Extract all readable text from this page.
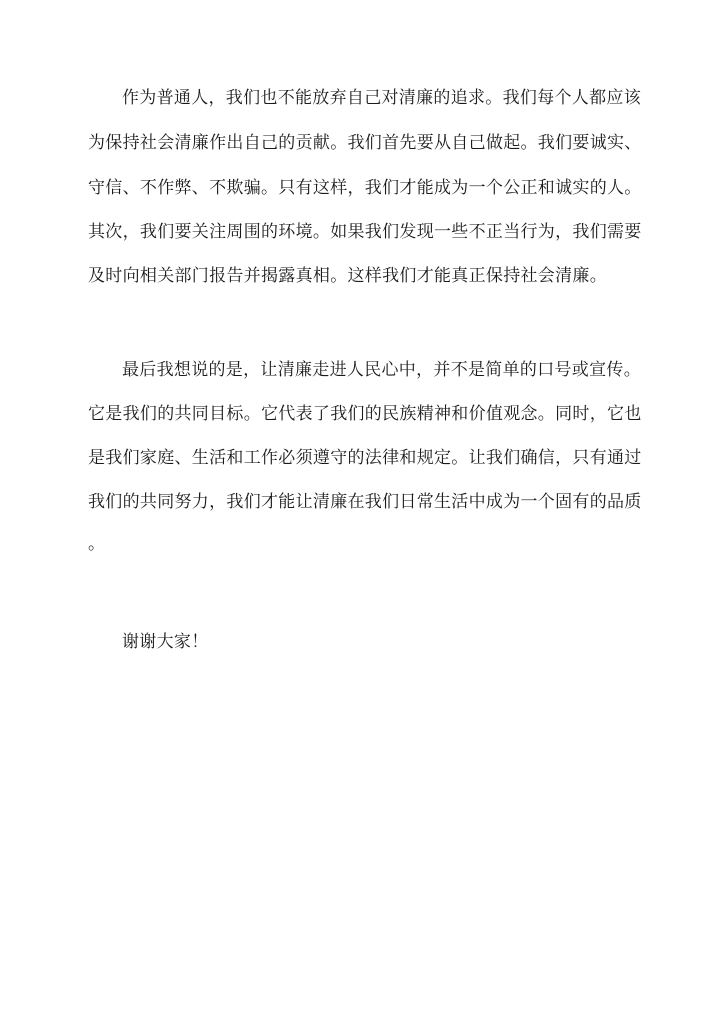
作为普通人，我们也不能放弃自己对清廉的追求。我们每个人都应该
为保持社会清廉作出自己的贡献。我们首先要从自己做起。我们要诚实、
守信、不作弊、不欺骗。只有这样，我们才能成为一个公正和诚实的人。
其次，我们要关注周围的环境。如果我们发现一些不正当行为，我们需要
及时向相关部门报告并揭露真相。这样我们才能真正保持社会清廉。
最后我想说的是，让清廉走进人民心中，并不是简单的口号或宣传。
它是我们的共同目标。它代表了我们的民族精神和价值观念。同时，它也
是我们家庭、生活和工作必须遵守的法律和规定。让我们确信，只有通过
我们的共同努力，我们才能让清廉在我们日常生活中成为一个固有的品质
。
谢谢大家！
